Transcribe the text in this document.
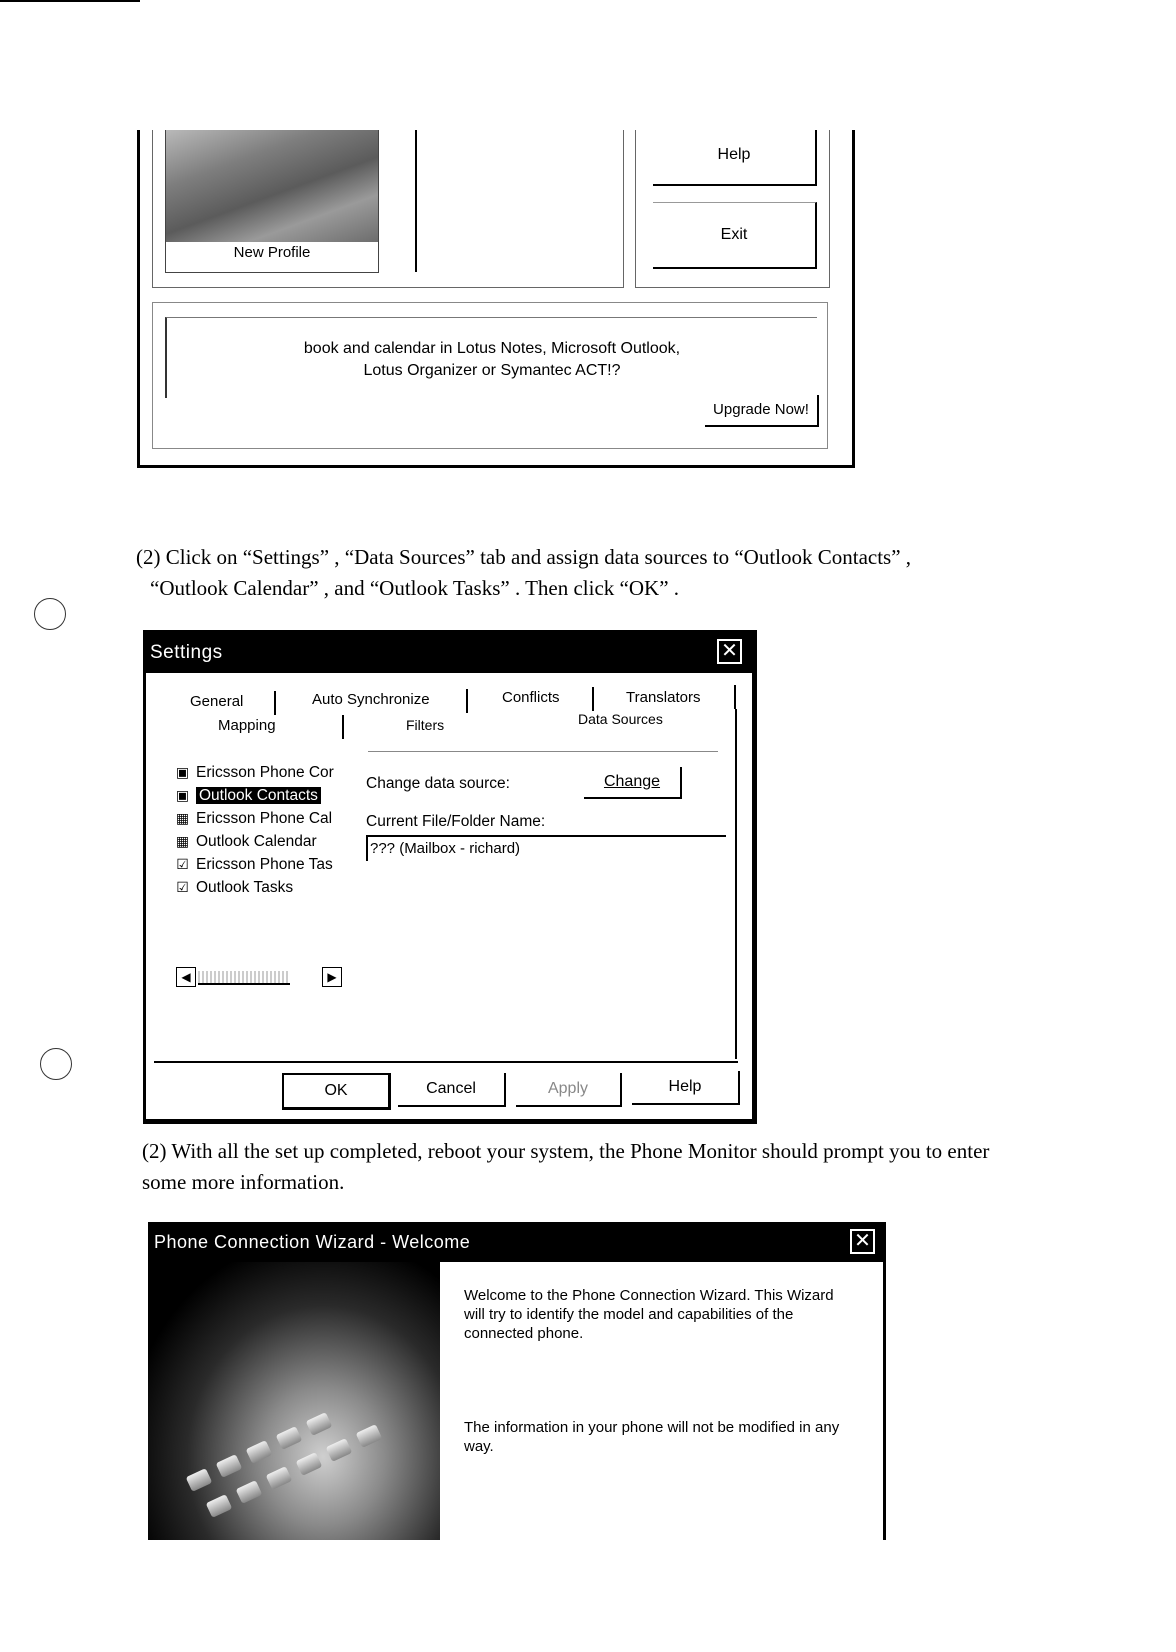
New Profile
Help
Exit
book and calendar in Lotus Notes, Microsoft Outlook,
Lotus Organizer or Symantec ACT!?
Upgrade Now!
(2) Click on “Settings” , “Data Sources” tab and assign data sources to “Outlook Contacts” ,
“Outlook Calendar” , and “Outlook Tasks” . Then click “OK” .
Settings	✕
General	Auto Synchronize	Conflicts	Translators
Mapping	Filters	Data Sources
▣ Ericsson Phone Cor
▣ Outlook Contacts
▦ Ericsson Phone Cal
▦ Outlook Calendar
☑ Ericsson Phone Tas
☑ Outlook Tasks
◀	▶
Change data source:	Change
Current File/Folder Name:
??? (Mailbox - richard)
OK	Cancel	Apply	Help
(2) With all the set up completed, reboot your system, the Phone Monitor should prompt you to enter
some more information.
Phone Connection Wizard - Welcome	✕
Welcome to the Phone Connection Wizard. This Wizard will try to identify the model and capabilities of the connected phone.
The information in your phone will not be modified in any way.
